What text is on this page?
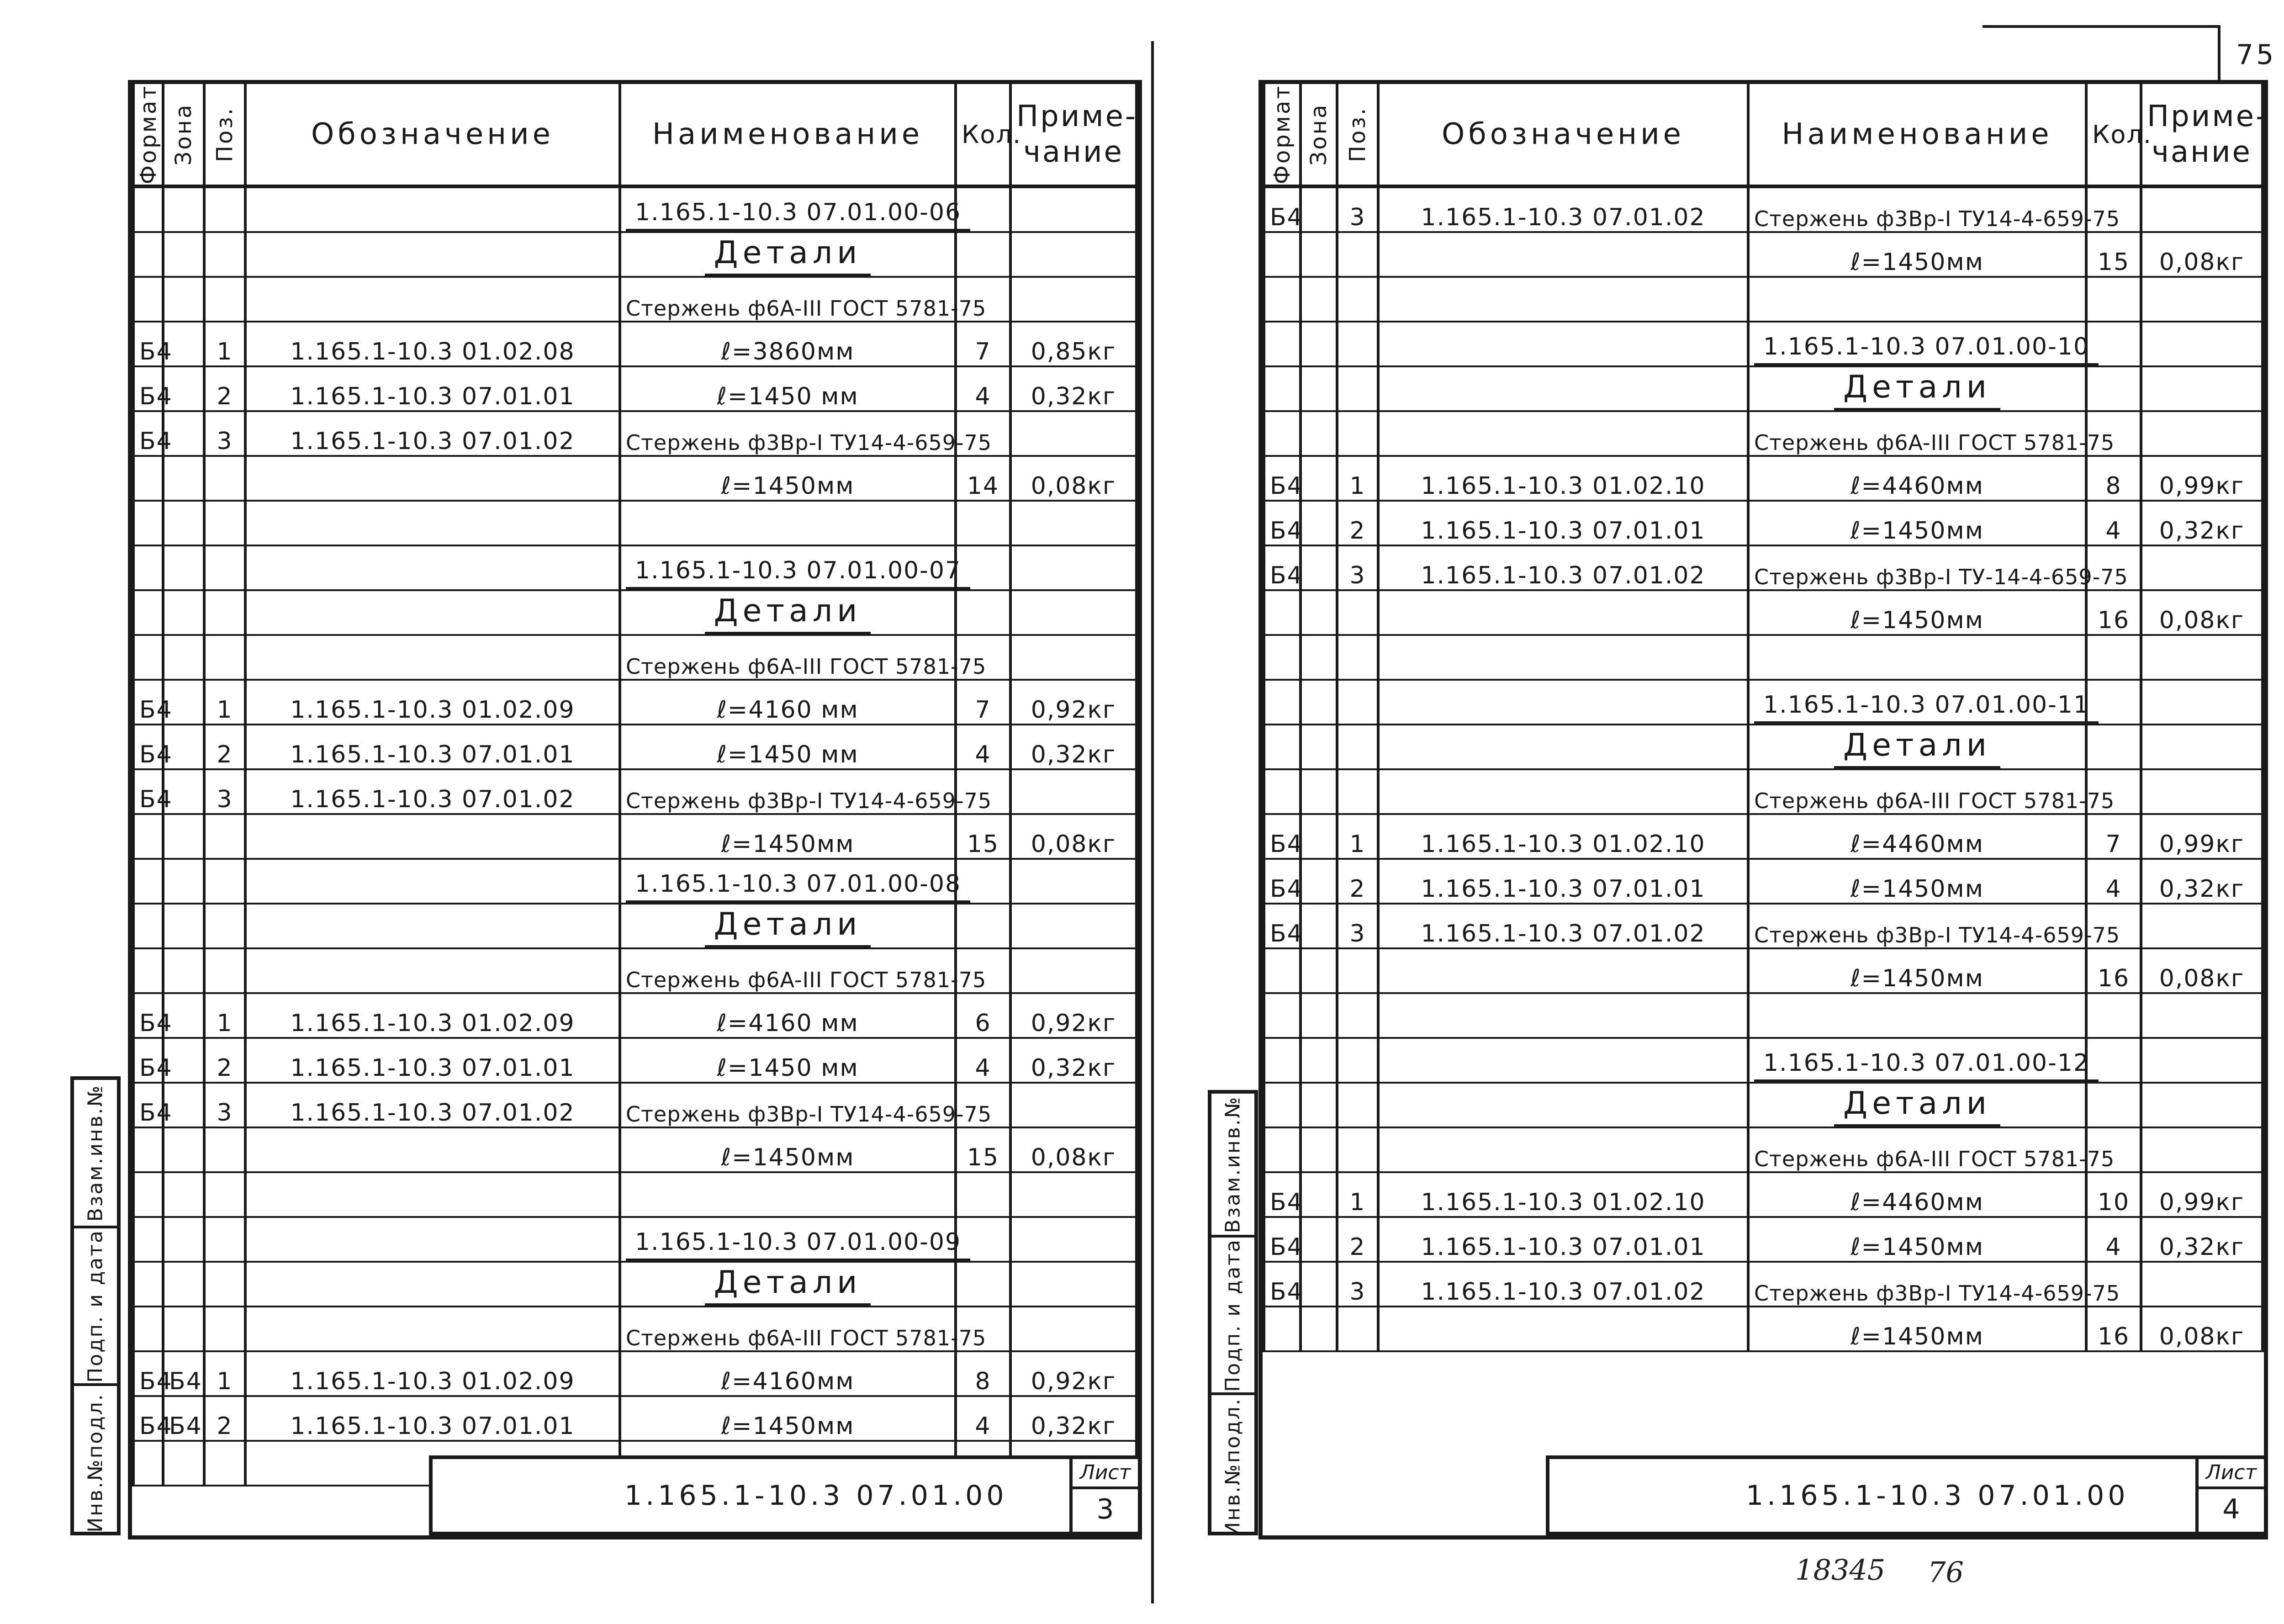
75
Формат	Зона	Поз.	Обозначение	Наименование	Кол.	Приме-
чание
				1.165.1-10.3 07.01.00-06		
				Детали		
				Стержень ф6A-III ГОСТ 5781-75		
Б4		1	1.165.1-10.3 01.02.08	ℓ=3860мм	7	0,85кг
Б4		2	1.165.1-10.3 07.01.01	ℓ=1450 мм	4	0,32кг
Б4		3	1.165.1-10.3 07.01.02	Стержень ф3Вр-I ТУ14-4-659-75		
				ℓ=1450мм	14	0,08кг

				1.165.1-10.3 07.01.00-07		
				Детали		
				Стержень ф6A-III ГОСТ 5781-75		
Б4		1	1.165.1-10.3 01.02.09	ℓ=4160 мм	7	0,92кг
Б4		2	1.165.1-10.3 07.01.01	ℓ=1450 мм	4	0,32кг
Б4		3	1.165.1-10.3 07.01.02	Стержень ф3Вр-I ТУ14-4-659-75		
				ℓ=1450мм	15	0,08кг
				1.165.1-10.3 07.01.00-08		
				Детали		
				Стержень ф6A-III ГОСТ 5781-75		
Б4		1	1.165.1-10.3 01.02.09	ℓ=4160 мм	6	0,92кг
Б4		2	1.165.1-10.3 07.01.01	ℓ=1450 мм	4	0,32кг
Б4		3	1.165.1-10.3 07.01.02	Стержень ф3Вр-I ТУ14-4-659-75		
				ℓ=1450мм	15	0,08кг

				1.165.1-10.3 07.01.00-09		
				Детали		
				Стержень ф6A-III ГОСТ 5781-75		
Б4	Б4	1	1.165.1-10.3 01.02.09	ℓ=4160мм	8	0,92кг
Б4	Б4	2	1.165.1-10.3 07.01.01	ℓ=1450мм	4	0,32кг

Взам.инв.№
Подп. и дата
Инв.№подл.	1.165.1-10.3 07.01.00
Лист
3
Формат	Зона	Поз.	Обозначение	Наименование	Кол.	Приме-
чание
Б4		3	1.165.1-10.3 07.01.02	Стержень ф3Вр-I ТУ14-4-659-75		
				ℓ=1450мм	15	0,08кг

				1.165.1-10.3 07.01.00-10		
				Детали		
				Стержень ф6A-III ГОСТ 5781-75		
Б4		1	1.165.1-10.3 01.02.10	ℓ=4460мм	8	0,99кг
Б4		2	1.165.1-10.3 07.01.01	ℓ=1450мм	4	0,32кг
Б4		3	1.165.1-10.3 07.01.02	Стержень ф3Вр-I ТУ-14-4-659-75		
				ℓ=1450мм	16	0,08кг

				1.165.1-10.3 07.01.00-11		
				Детали		
				Стержень ф6A-III ГОСТ 5781-75		
Б4		1	1.165.1-10.3 01.02.10	ℓ=4460мм	7	0,99кг
Б4		2	1.165.1-10.3 07.01.01	ℓ=1450мм	4	0,32кг
Б4		3	1.165.1-10.3 07.01.02	Стержень ф3Вр-I ТУ14-4-659-75		
				ℓ=1450мм	16	0,08кг

				1.165.1-10.3 07.01.00-12		
				Детали		
				Стержень ф6A-III ГОСТ 5781-75		
Б4		1	1.165.1-10.3 01.02.10	ℓ=4460мм	10	0,99кг
Б4		2	1.165.1-10.3 07.01.01	ℓ=1450мм	4	0,32кг
Б4		3	1.165.1-10.3 07.01.02	Стержень ф3Вр-I ТУ14-4-659-75		
				ℓ=1450мм	16	0,08кг
Взам.инв.№
Подп. и дата
Инв.№подл.	1.165.1-10.3 07.01.00
Лист
4
18345 76
